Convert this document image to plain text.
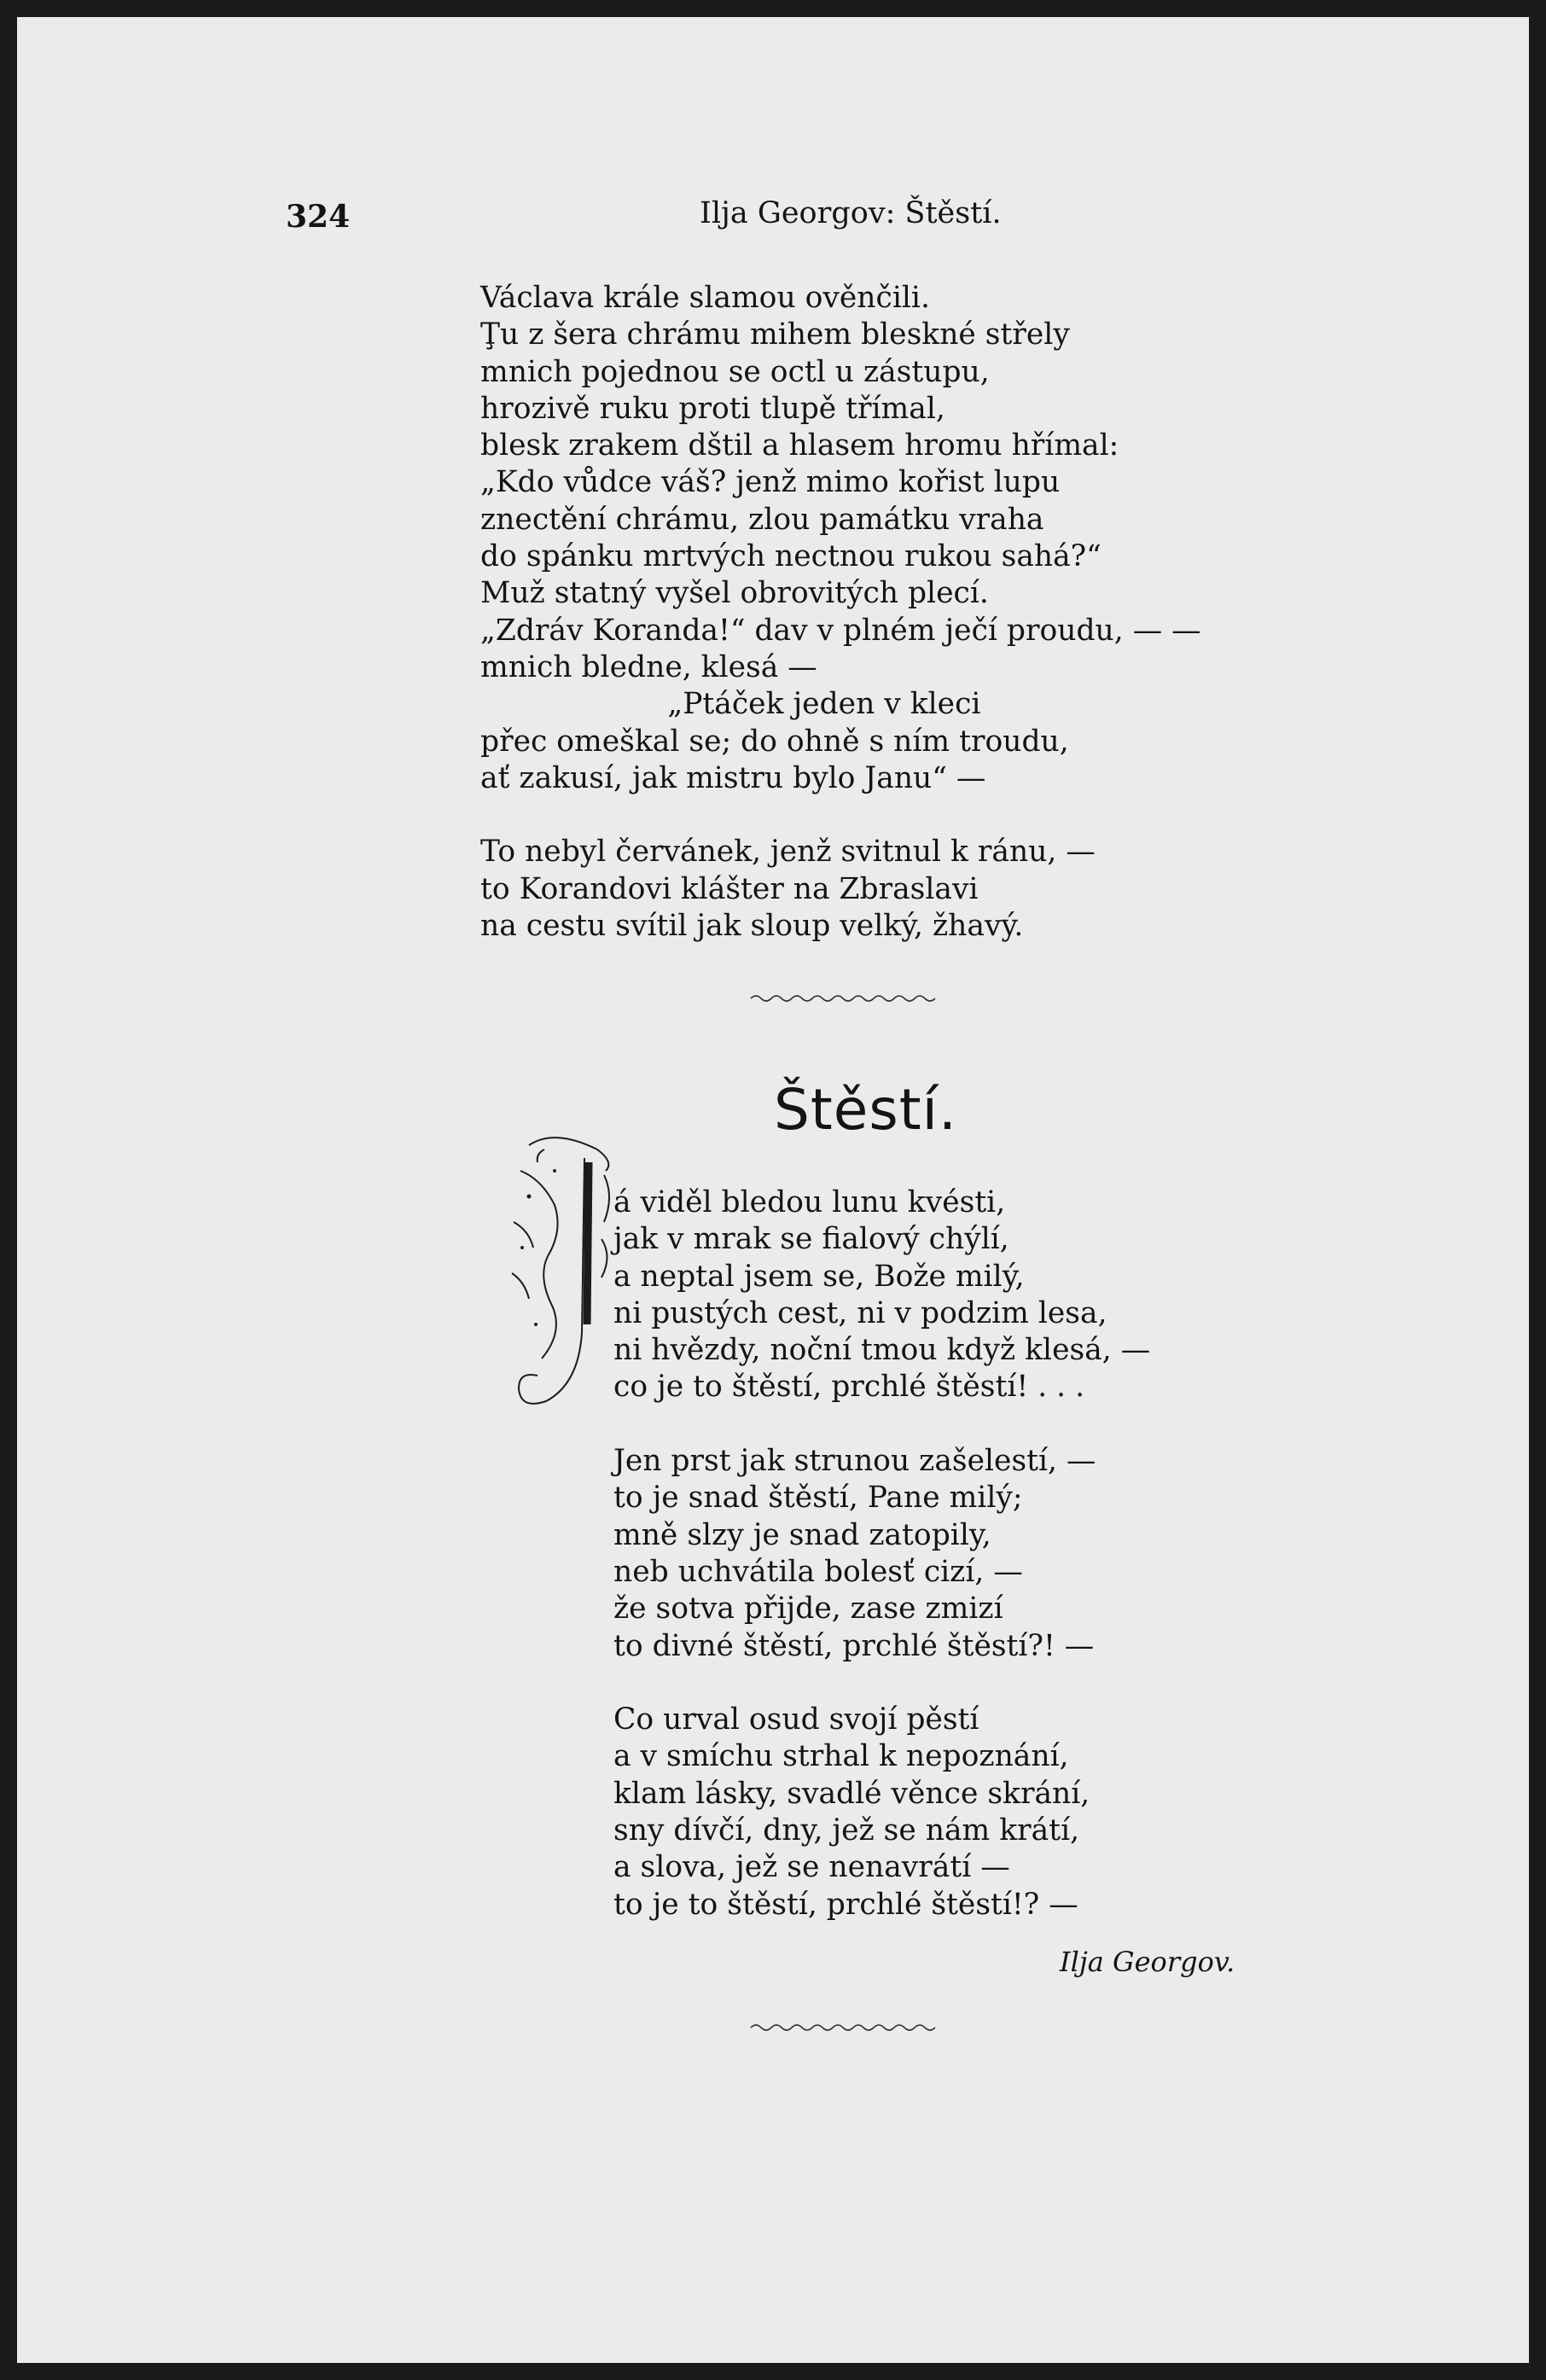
324	Ilja Georgov: Štěstí.
Václava krále slamou ověnčili.
Ţu z šera chrámu mihem bleskné střely
mnich pojednou se octl u zástupu,
hrozivě ruku proti tlupě třímal,
blesk zrakem dštil a hlasem hromu hřímal:
„Kdo vůdce váš? jenž mimo kořist lupu
znectění chrámu, zlou památku vraha
do spánku mrtvých nectnou rukou sahá?“
Muž statný vyšel obrovitých plecí.
„Zdráv Koranda!“ dav v plném ječí proudu, — —
mnich bledne, klesá —
„Ptáček jeden v kleci
přec omeškal se; do ohně s ním troudu,
ať zakusí, jak mistru bylo Janu“ —
To nebyl červánek, jenž svitnul k ránu, —
to Korandovi klášter na Zbraslavi
na cestu svítil jak sloup velký, žhavý.
Štěstí.
á viděl bledou lunu kvésti,
jak v mrak se fialový chýlí,
a neptal jsem se, Bože milý,
ni pustých cest, ni v podzim lesa,
ni hvězdy, noční tmou když klesá, —
co je to štěstí, prchlé štěstí! . . .
Jen prst jak strunou zašelestí, —
to je snad štěstí, Pane milý;
mně slzy je snad zatopily,
neb uchvátila bolesť cizí, —
že sotva přijde, zase zmizí
to divné štěstí, prchlé štěstí?! —
Co urval osud svojí pěstí
a v smíchu strhal k nepoznání,
klam lásky, svadlé věnce skrání,
sny dívčí, dny, jež se nám krátí,
a slova, jež se nenavrátí —
to je to štěstí, prchlé štěstí!? —
Ilja Georgov.
